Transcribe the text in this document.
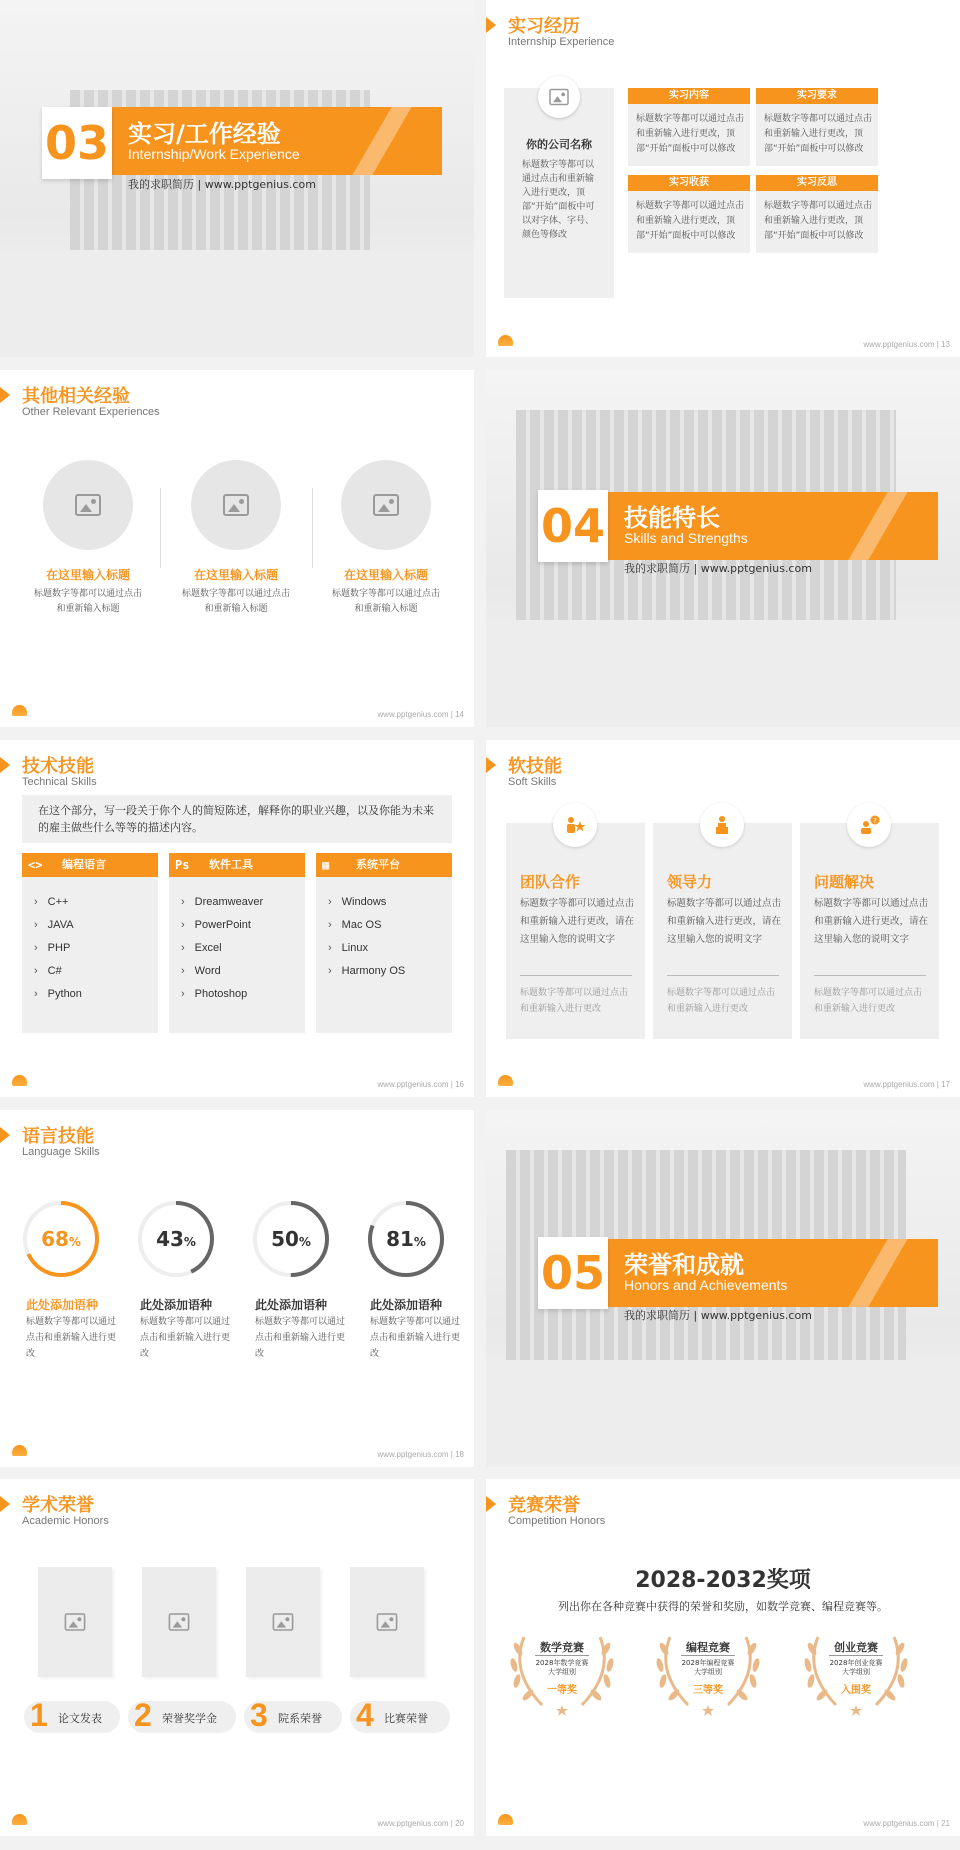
03 实习/工作经验
Internship/Work Experience
我的求职简历 | www.pptgenius.com
实习经历
Internship Experience
你的公司名称
标题数字等都可以通过点击和重新输入进行更改，顶部“开始”面板中可以对字体、字号、颜色等修改
实习内容
标题数字等都可以通过点击和重新输入进行更改，顶部“开始”面板中可以修改
实习要求
标题数字等都可以通过点击和重新输入进行更改，顶部“开始”面板中可以修改
实习收获
标题数字等都可以通过点击和重新输入进行更改，顶部“开始”面板中可以修改
实习反思
标题数字等都可以通过点击和重新输入进行更改，顶部“开始”面板中可以修改
www.pptgenius.com | 13
其他相关经验
Other Relevant Experiences
在这里输入标题
标题数字等都可以通过点击和重新输入标题
在这里输入标题
标题数字等都可以通过点击和重新输入标题
在这里输入标题
标题数字等都可以通过点击和重新输入标题
www.pptgenius.com | 14
04 技能特长
Skills and Strengths
我的求职简历 | www.pptgenius.com
技术技能
Technical Skills
在这个部分，写一段关于你个人的简短陈述，解释你的职业兴趣，以及你能为未来的雇主做些什么等等的描述内容。
<> 编程语言
› C++
› JAVA
› PHP
› C#
› Python
Ps 软件工具
› Dreamweaver
› PowerPoint
› Excel
› Word
› Photoshop
▦ 系统平台
› Windows
› Mac OS
› Linux
› Harmony OS
www.pptgenius.com | 16
软技能
Soft Skills
团队合作
标题数字等都可以通过点击和重新输入进行更改，请在这里输入您的说明文字
标题数字等都可以通过点击和重新输入进行更改
领导力
标题数字等都可以通过点击和重新输入进行更改，请在这里输入您的说明文字
标题数字等都可以通过点击和重新输入进行更改
?
问题解决
标题数字等都可以通过点击和重新输入进行更改，请在这里输入您的说明文字
标题数字等都可以通过点击和重新输入进行更改
www.pptgenius.com | 17
语言技能
Language Skills
68%	43%	50%	81%
此处添加语种
标题数字等都可以通过点击和重新输入进行更改
此处添加语种
标题数字等都可以通过点击和重新输入进行更改
此处添加语种
标题数字等都可以通过点击和重新输入进行更改
此处添加语种
标题数字等都可以通过点击和重新输入进行更改
www.pptgenius.com | 18
05 荣誉和成就
Honors and Achievements
我的求职简历 | www.pptgenius.com
学术荣誉
Academic Honors
1 论文发表 2 荣誉奖学金 3 院系荣誉 4 比赛荣誉
www.pptgenius.com | 20
竞赛荣誉
Competition Honors
2028-2032奖项
列出你在各种竞赛中获得的荣誉和奖励，如数学竞赛、编程竞赛等。
数学竞赛
2028年数学竞赛
大学组别
一等奖
编程竞赛
2028年编程竞赛
大学组别
三等奖
创业竞赛
2028年创业竞赛
大学组别
入围奖
www.pptgenius.com | 21
